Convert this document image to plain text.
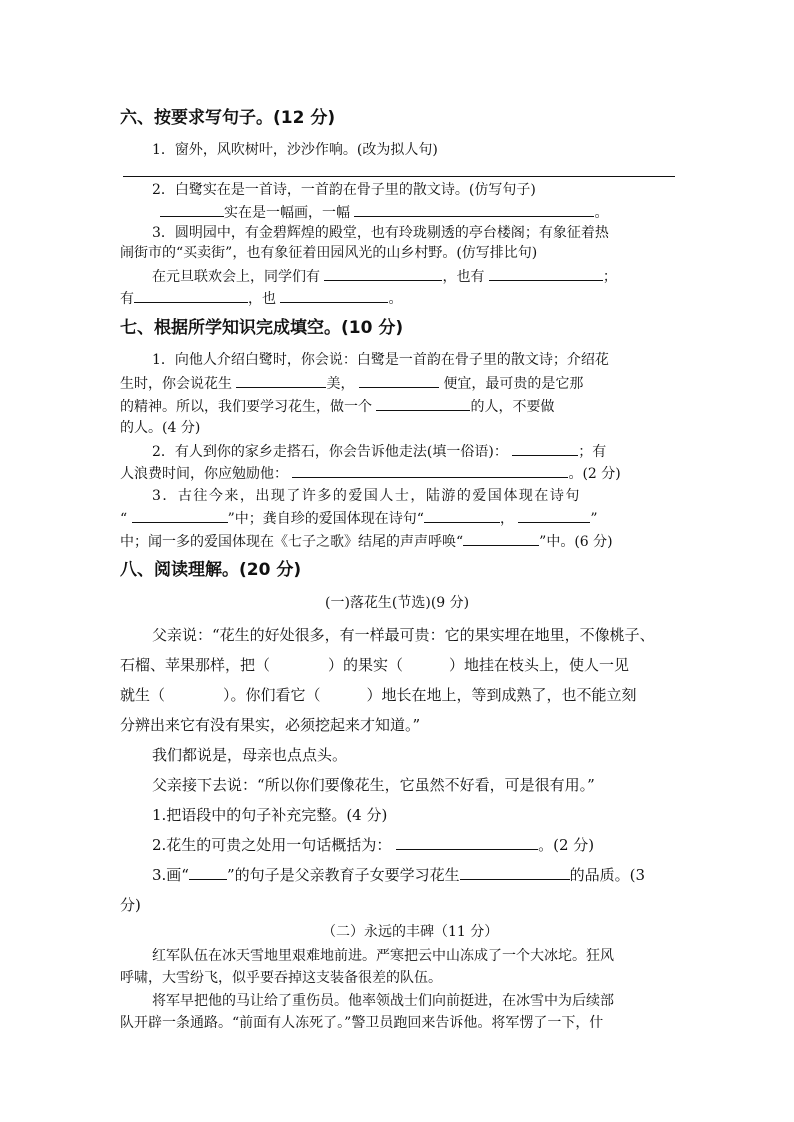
六、按要求写句子。(12 分)
1．窗外，风吹树叶，沙沙作响。(改为拟人句)
2．白鹭实在是一首诗，一首韵在骨子里的散文诗。(仿写句子)
实在是一幅画，一幅	。
3．圆明园中，有金碧辉煌的殿堂，也有玲珑剔透的亭台楼阁；有象征着热
闹街市的“买卖街”，也有象征着田园风光的山乡村野。(仿写排比句)
在元旦联欢会上，同学们有	，也有	；
有	，也	。
七、根据所学知识完成填空。(10 分)
1．向他人介绍白鹭时，你会说：白鹭是一首韵在骨子里的散文诗；介绍花
生时，你会说花生	美，	便宜，最可贵的是它那
的精神。所以，我们要学习花生，做一个	的人，不要做
的人。(4 分)
2．有人到你的家乡走搭石，你会告诉他走法(填一俗语)：	；有
人浪费时间，你应勉励他：	。(2 分)
3．古往今来，出现了许多的爱国人士，陆游的爱国体现在诗句
“	”中；龚自珍的爱国体现在诗句“	，	”
中；闻一多的爱国体现在《七子之歌》结尾的声声呼唤“	”中。(6 分)
八、阅读理解。(20 分)
(一)落花生(节选)(9 分)
父亲说：“花生的好处很多，有一样最可贵：它的果实埋在地里，不像桃子、
石榴、苹果那样，把（	）的果实（	）地挂在枝头上，使人一见
就生（	）。你们看它（	）地长在地上，等到成熟了，也不能立刻
分辨出来它有没有果实，必须挖起来才知道。”
我们都说是，母亲也点点头。
父亲接下去说：“所以你们要像花生，它虽然不好看，可是很有用。”
1.把语段中的句子补充完整。(4 分)
2.花生的可贵之处用一句话概括为：	。(2 分)
3.画“	”的句子是父亲教育子女要学习花生	的品质。(3
分)
（二）永远的丰碑（11 分）
红军队伍在冰天雪地里艰难地前进。严寒把云中山冻成了一个大冰坨。狂风
呼啸，大雪纷飞，似乎要吞掉这支装备很差的队伍。
将军早把他的马让给了重伤员。他率领战士们向前挺进，在冰雪中为后续部
队开辟一条通路。“前面有人冻死了。”警卫员跑回来告诉他。将军愣了一下，什
